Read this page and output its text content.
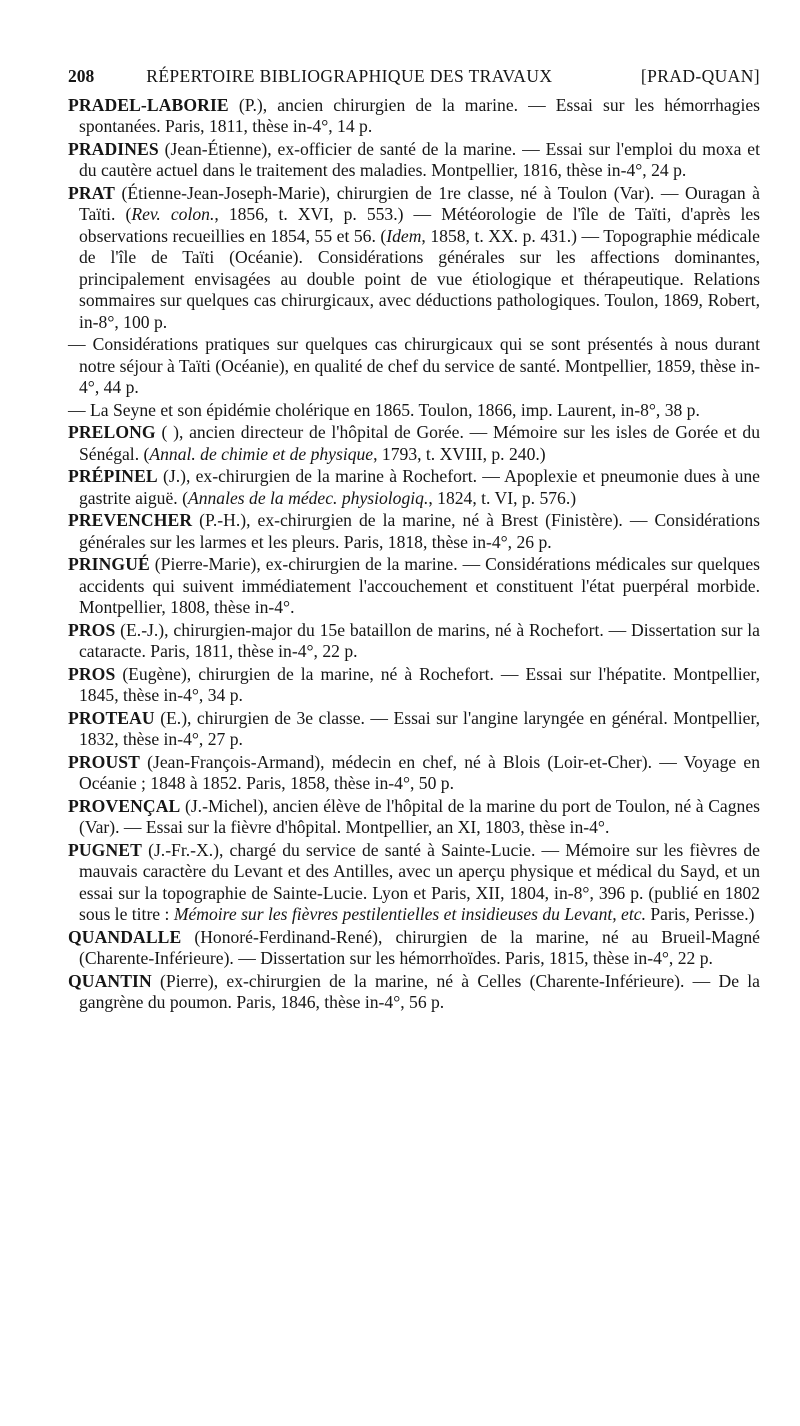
208	RÉPERTOIRE BIBLIOGRAPHIQUE DES TRAVAUX	[PRAD-QUAN]
PRADEL-LABORIE (P.), ancien chirurgien de la marine. — Essai sur les hémorrhagies spontanées. Paris, 1811, thèse in-4°, 14 p.
PRADINES (Jean-Étienne), ex-officier de santé de la marine. — Essai sur l'emploi du moxa et du cautère actuel dans le traitement des maladies. Montpellier, 1816, thèse in-4°, 24 p.
PRAT (Étienne-Jean-Joseph-Marie), chirurgien de 1re classe, né à Toulon (Var). — Ouragan à Taïti. (Rev. colon., 1856, t. XVI, p. 553.) — Météorologie de l'île de Taïti, d'après les observations recueillies en 1854, 55 et 56. (Idem, 1858, t. XX. p. 431.) — Topographie médicale de l'île de Taïti (Océanie). Considérations générales sur les affections dominantes, principalement envisagées au double point de vue étiologique et thérapeutique. Relations sommaires sur quelques cas chirurgicaux, avec déductions pathologiques. Toulon, 1869, Robert, in-8°, 100 p.
— Considérations pratiques sur quelques cas chirurgicaux qui se sont présentés à nous durant notre séjour à Taïti (Océanie), en qualité de chef du service de santé. Montpellier, 1859, thèse in-4°, 44 p.
— La Seyne et son épidémie cholérique en 1865. Toulon, 1866, imp. Laurent, in-8°, 38 p.
PRELONG ( ), ancien directeur de l'hôpital de Gorée. — Mémoire sur les isles de Gorée et du Sénégal. (Annal. de chimie et de physique, 1793, t. XVIII, p. 240.)
PRÉPINEL (J.), ex-chirurgien de la marine à Rochefort. — Apoplexie et pneumonie dues à une gastrite aiguë. (Annales de la médec. physiologiq., 1824, t. VI, p. 576.)
PREVENCHER (P.-H.), ex-chirurgien de la marine, né à Brest (Finistère). — Considérations générales sur les larmes et les pleurs. Paris, 1818, thèse in-4°, 26 p.
PRINGUÉ (Pierre-Marie), ex-chirurgien de la marine. — Considérations médicales sur quelques accidents qui suivent immédiatement l'accouchement et constituent l'état puerpéral morbide. Montpellier, 1808, thèse in-4°.
PROS (E.-J.), chirurgien-major du 15e bataillon de marins, né à Rochefort. — Dissertation sur la cataracte. Paris, 1811, thèse in-4°, 22 p.
PROS (Eugène), chirurgien de la marine, né à Rochefort. — Essai sur l'hépatite. Montpellier, 1845, thèse in-4°, 34 p.
PROTEAU (E.), chirurgien de 3e classe. — Essai sur l'angine laryngée en général. Montpellier, 1832, thèse in-4°, 27 p.
PROUST (Jean-François-Armand), médecin en chef, né à Blois (Loir-et-Cher). — Voyage en Océanie ; 1848 à 1852. Paris, 1858, thèse in-4°, 50 p.
PROVENÇAL (J.-Michel), ancien élève de l'hôpital de la marine du port de Toulon, né à Cagnes (Var). — Essai sur la fièvre d'hôpital. Montpellier, an XI, 1803, thèse in-4°.
PUGNET (J.-Fr.-X.), chargé du service de santé à Sainte-Lucie. — Mémoire sur les fièvres de mauvais caractère du Levant et des Antilles, avec un aperçu physique et médical du Sayd, et un essai sur la topographie de Sainte-Lucie. Lyon et Paris, XII, 1804, in-8°, 396 p. (publié en 1802 sous le titre : Mémoire sur les fièvres pestilentielles et insidieuses du Levant, etc. Paris, Perisse.)
QUANDALLE (Honoré-Ferdinand-René), chirurgien de la marine, né au Brueil-Magné (Charente-Inférieure). — Dissertation sur les hémorrhoïdes. Paris, 1815, thèse in-4°, 22 p.
QUANTIN (Pierre), ex-chirurgien de la marine, né à Celles (Charente-Inférieure). — De la gangrène du poumon. Paris, 1846, thèse in-4°, 56 p.
